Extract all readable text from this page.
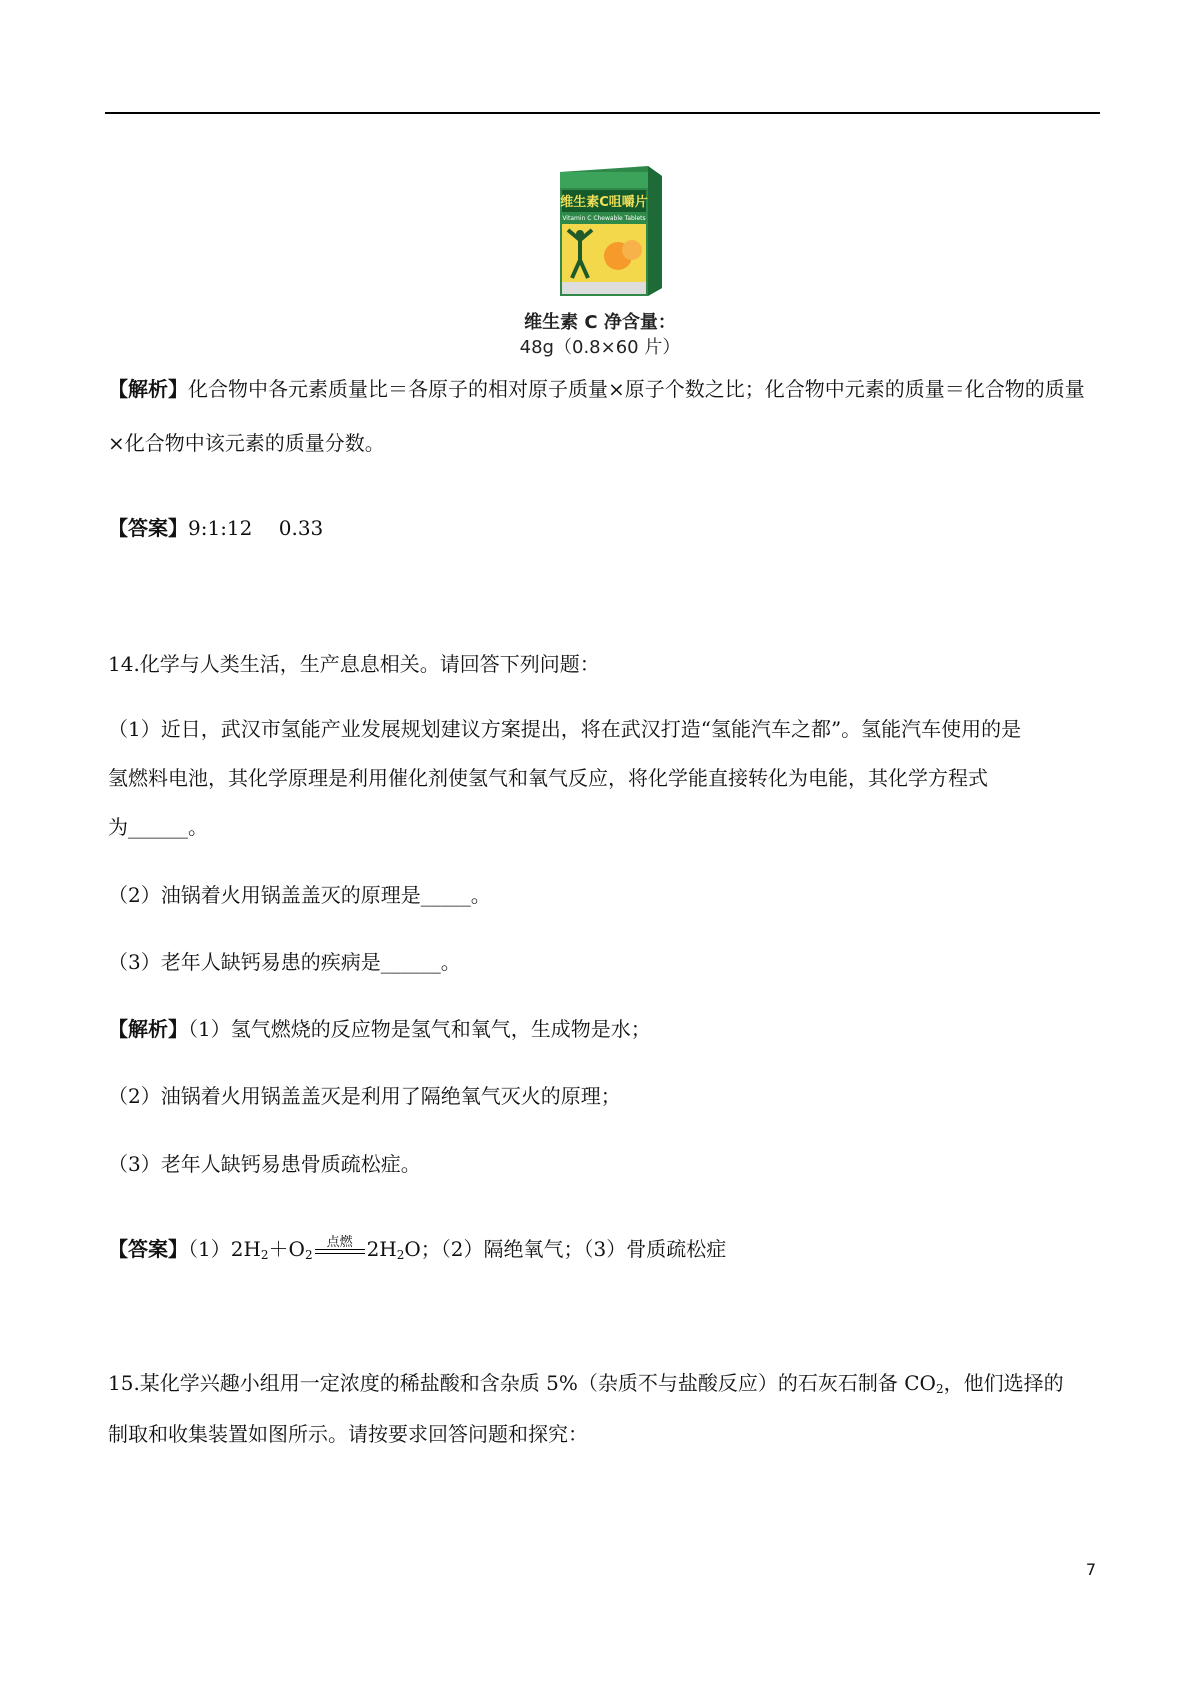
维生素C咀嚼片
Vitamin C Chewable Tablets
维生素 C 净含量：
48g（0.8×60 片）
【解析】化合物中各元素质量比＝各原子的相对原子质量×原子个数之比；化合物中元素的质量＝化合物的质量×化合物中该元素的质量分数。
【答案】9:1:12　 0.33
14.化学与人类生活，生产息息相关。请回答下列问题：
（1）近日，武汉市氢能产业发展规划建议方案提出，将在武汉打造“氢能汽车之都”。氢能汽车使用的是
氢燃料电池，其化学原理是利用催化剂使氢气和氧气反应，将化学能直接转化为电能，其化学方程式
为______。
（2）油锅着火用锅盖盖灭的原理是_____。
（3）老年人缺钙易患的疾病是______。
【解析】（1）氢气燃烧的反应物是氢气和氧气，生成物是水；
（2）油锅着火用锅盖盖灭是利用了隔绝氧气灭火的原理；
（3）老年人缺钙易患骨质疏松症。
【答案】$(1)2H_2+O_2$
点燃 $2H_2O$；（2）隔绝氧气；（3）骨质疏松症
15.某化学兴趣小组用一定浓度的稀盐酸和含杂质 5%（杂质不与盐酸反应）的石灰石制备 $CO_2$，他们选择的
制取和收集装置如图所示。请按要求回答问题和探究：
7
